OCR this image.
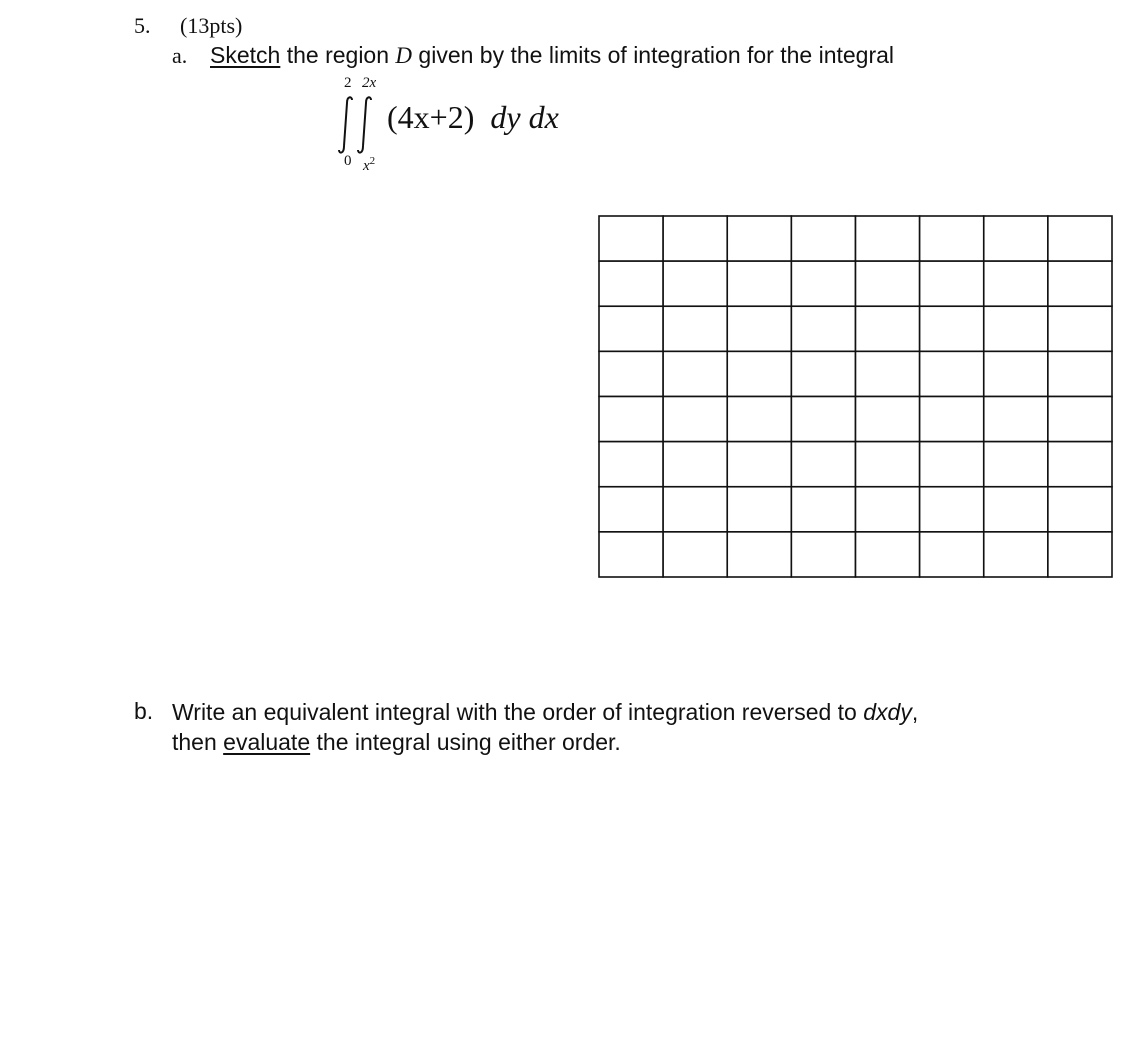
5. (13pts)
a. Sketch the region D given by the limits of integration for the integral
2 2x
(4x+2) dy dx
0 $x^2$
b. Write an equivalent integral with the order of integration reversed to dxdy,
then evaluate the integral using either order.
